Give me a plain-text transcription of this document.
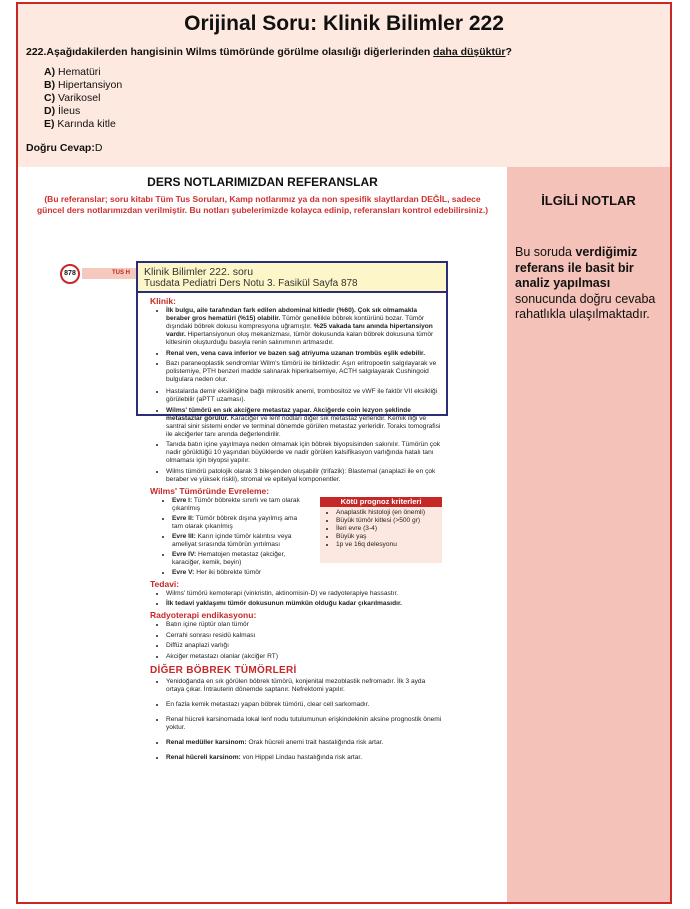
Orijinal Soru: Klinik Bilimler 222
222.Aşağıdakilerden hangisinin Wilms tümöründe görülme olasılığı diğerlerinden daha düşüktür?
A) Hematüri
B) Hipertansiyon
C) Varikosel
D) İleus
E) Karında kitle
Doğru Cevap:D
DERS NOTLARIMIZDAN REFERANSLAR
(Bu referanslar; soru kitabı Tüm Tus Soruları, Kamp notlarımız ya da non spesifik slaytlardan DEĞİL, sadece güncel ders notlarımızdan verilmiştir. Bu notları şubelerimizde kolayca edinip, referansları kontrol edebilirsiniz.)
878	TUS H	Klinik Bilimler 222. soru
Tusdata Pediatri Ders Notu 3. Fasikül Sayfa 878
Klinik:
• İlk bulgu, aile tarafından fark edilen abdominal kitledir (%60). Çok sık olmamakla beraber gros hematüri (%15) olabilir. Tümör genellikle böbrek kontürünü bozar. Tümör dışındaki böbrek dokusu kompresyona uğramıştır. %25 vakada tanı anında hipertansiyon vardır. Hipertansiyonun oluş mekanizması, tümör dokusunda kalan böbrek dokusuna tümör kitlesinin oluşturduğu basıyla renin salınımının artmasıdır.
• Renal ven, vena cava inferior ve bazen sağ atriyuma uzanan trombüs eşlik edebilir.
• Bazı paraneoplastik sendromlar Wilm's tümörü ile birliktedir: Aşırı eritropoetin salgılayarak ve polistemiye, PTH benzeri madde salınarak hiperkalsemiye, ACTH salgılayarak Cushingoid bulgulara neden olur.
• Hastalarda demir eksikliğine bağlı mikrositik anemi, trombositoz ve vWF ile faktör VII eksikliği görülebilir (aPTT uzaması).
• Wilms' tümörü en sık akciğere metastaz yapar. Akciğerde coin lezyon şeklinde metastazlar görülür. Karaciğer ve lenf nodları diğer sık metastaz yerleridir. Kemik iliği ve santral sinir sistemi ender ve terminal dönemde görülen metastaz yerleridir. Toraks tomografisi ile akciğerler tanı anında değerlendirilir.
• Tanıda batın içine yayılmaya neden olmamak için böbrek biyopsisinden sakınılır. Tümörün çok nadir görüldüğü 10 yaşından büyüklerde ve nadir görülen kalsifikasyon varlığında hatalı tanı olmaması için biyopsi yapılır.
• Wilms tümörü patolojik olarak 3 bileşenden oluşabilir (trifazik): Blastemal (anaplazi ile en çok beraber ve yüksek riskli), stromal ve epitelyal komponentler.
Wilms' Tümöründe Evreleme:
• Evre I: Tümör böbrekte sınırlı ve tam olarak çıkarılmış
• Evre II: Tümör böbrek dışına yayılmış ama tam olarak çıkarılmış
• Evre III: Karın içinde tümör kalıntısı veya ameliyat sırasında tümörün yırtılması
• Evre IV: Hematojen metastaz (akciğer, karaciğer, kemik, beyin)
• Evre V: Her iki böbrekte tümör
Kötü prognoz kriterleri
• Anaplastik histoloji (en önemli)
• Büyük tümör kitlesi (>500 gr)
• İleri evre (3-4)
• Büyük yaş
• 1p ve 16q delesyonu
Tedavi:
• Wilms' tümörü kemoterapi (vinkristin, aktinomisin-D) ve radyoterapiye hassastır.
• İlk tedavi yaklaşımı tümör dokusunun mümkün olduğu kadar çıkarılmasıdır.
Radyoterapi endikasyonu:
• Batın içine rüptür olan tümör
• Cerrahi sonrası residü kalması
• Diffüz anaplazi varlığı
• Akciğer metastazı olanlar (akciğer RT)
DİĞER BÖBREK TÜMÖRLERİ
• Yenidoğanda en sık görülen böbrek tümörü, konjenital mezoblastik nefromadır. İlk 3 ayda ortaya çıkar. İntrauterin dönemde saptanır. Nefrektomi yapılır.
• En fazla kemik metastazı yapan böbrek tümörü, clear cell sarkomadır.
• Renal hücreli karsinomada lokal lenf nodu tutulumunun erişkindekinin aksine prognostik önemi yoktur.
• Renal medüller karsinom: Orak hücreli anemi trait hastalığında risk artar.
• Renal hücreli karsinom: von Hippel Lindau hastalığında risk artar.
İLGİLİ NOTLAR
Bu soruda verdiğimiz referans ile basit bir analiz yapılması sonucunda doğru cevaba rahatlıkla ulaşılmaktadır.
